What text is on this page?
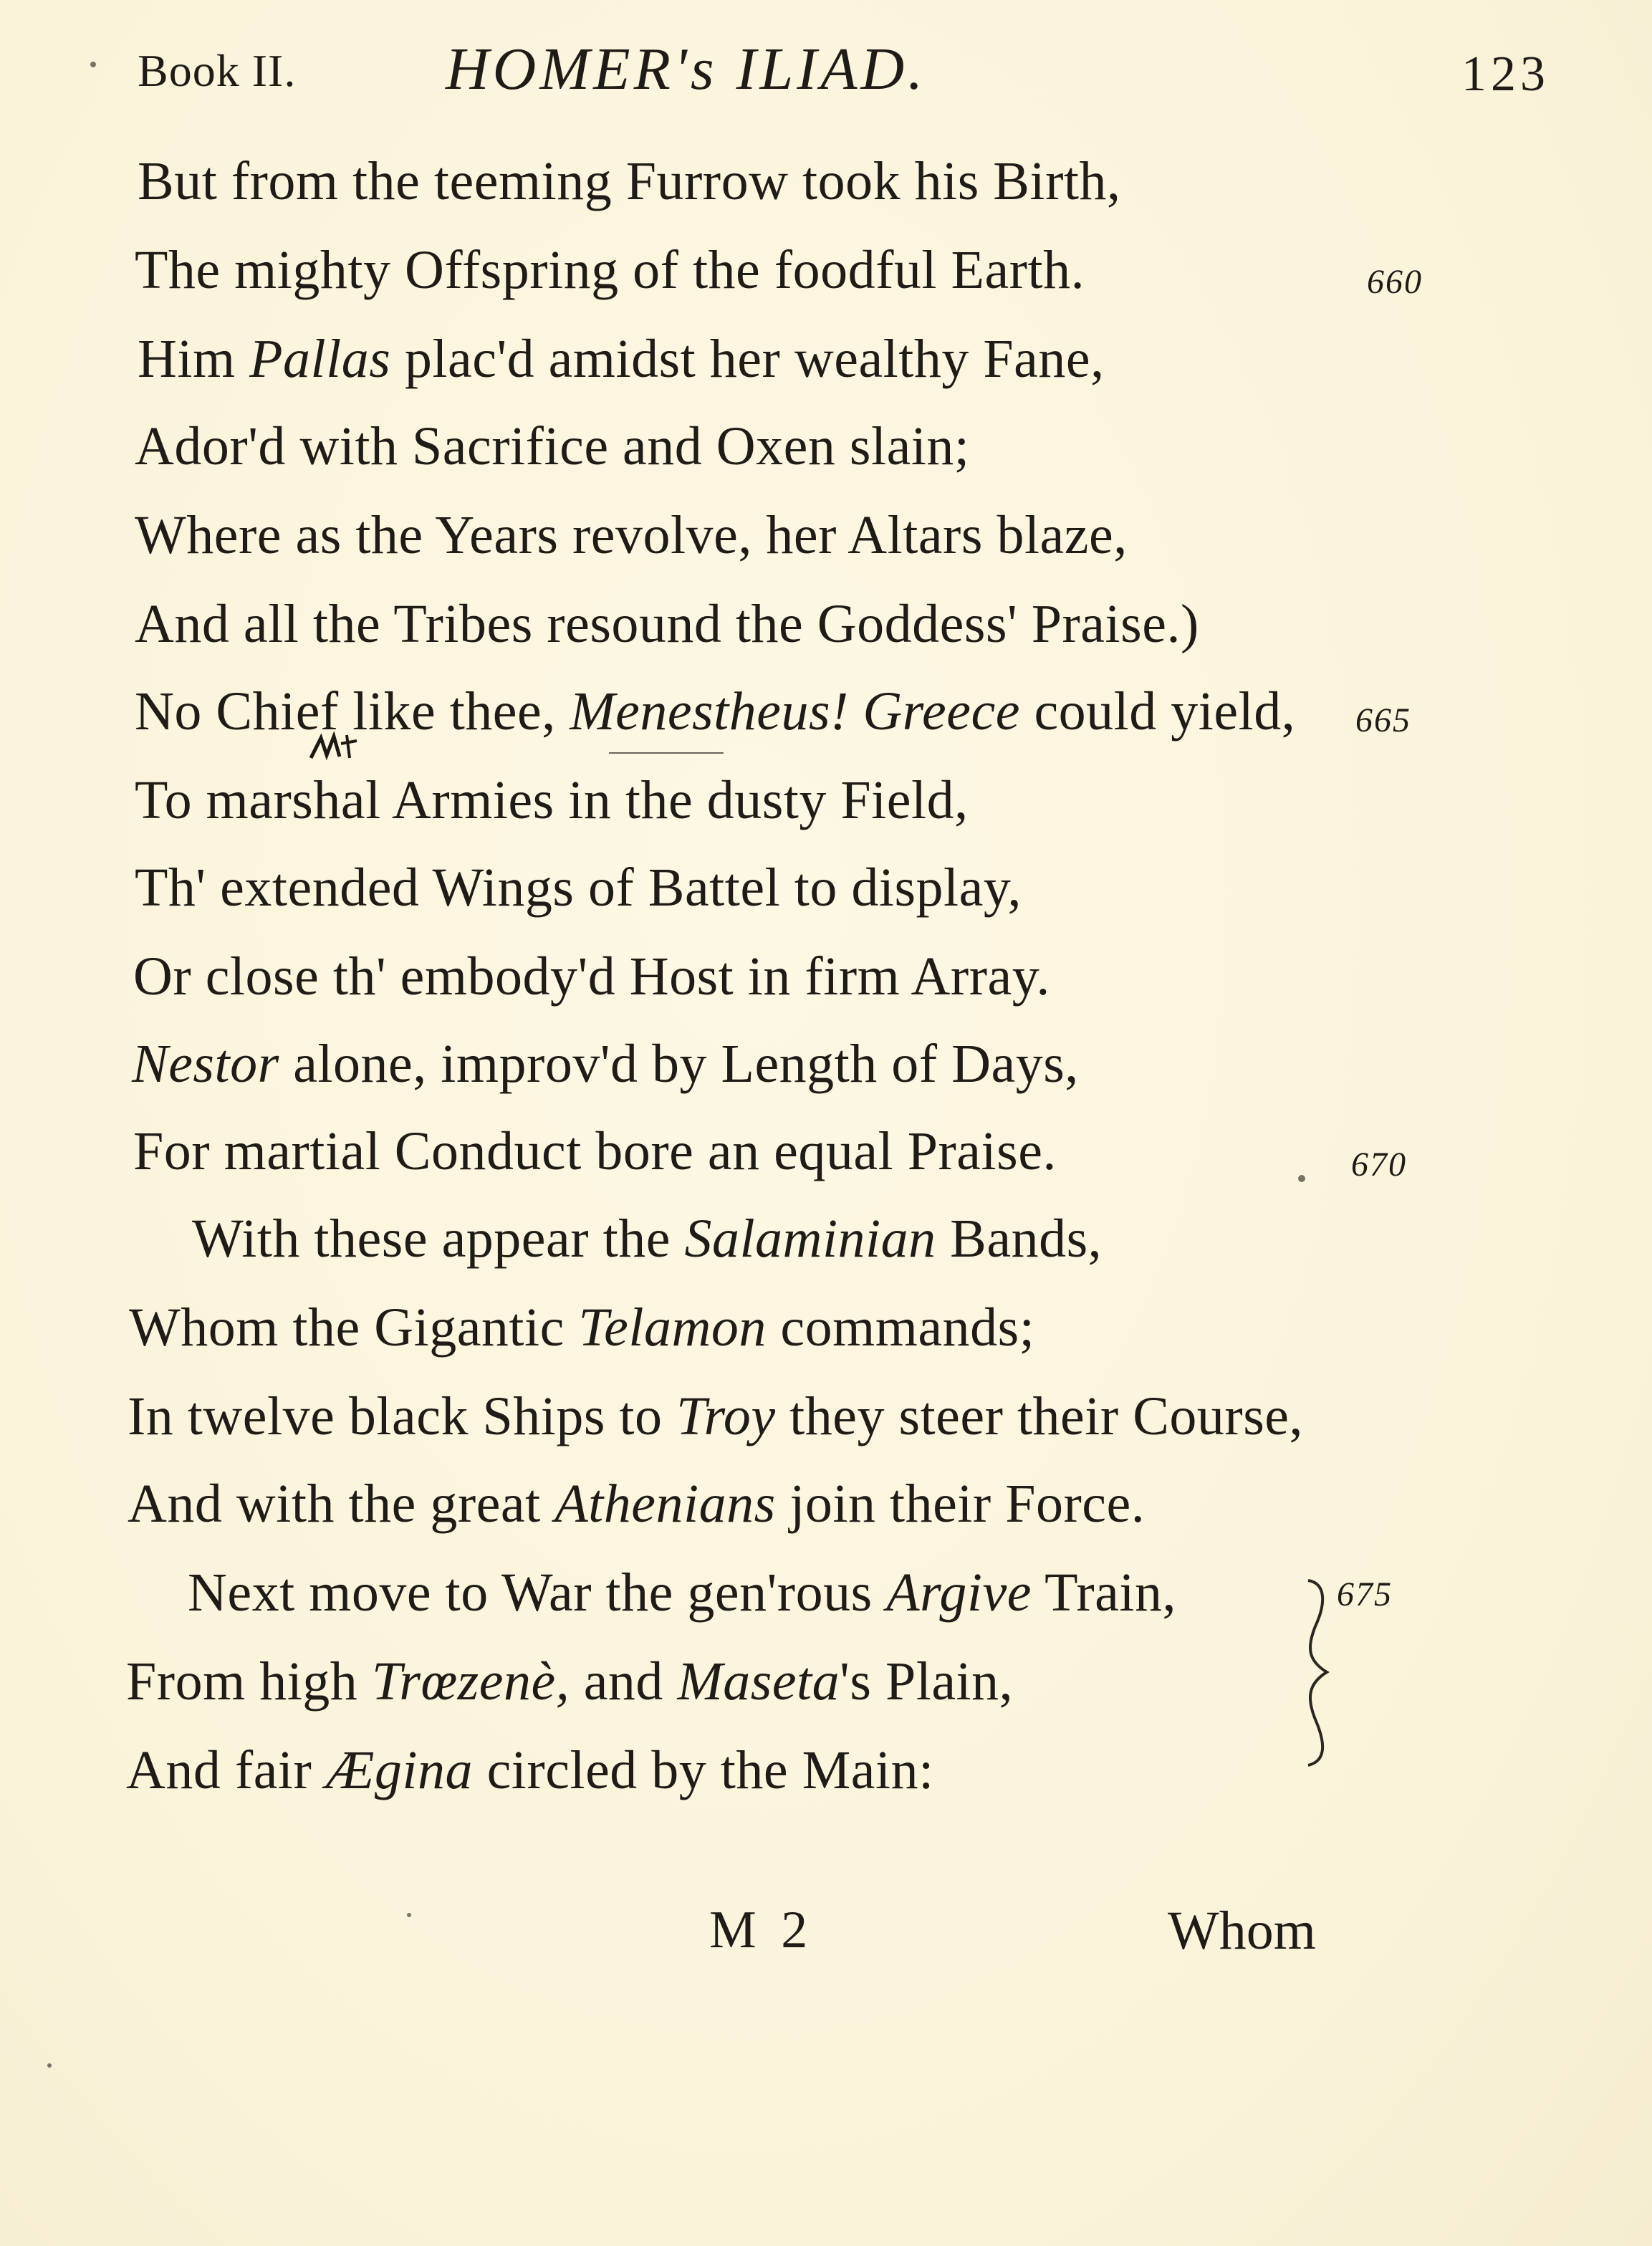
Book II. HOMER's ILIAD.	123
But from the teeming Furrow took his Birth,
The mighty Offspring of the foodful Earth.	660
Him Pallas plac'd amidst her wealthy Fane,
Ador'd with Sacrifice and Oxen slain;
Where as the Years revolve, her Altars blaze,
And all the Tribes resound the Goddess' Praise.)
No Chief like thee, Menestheus! Greece could yield, 665
To marshal Armies in the dusty Field,
Th' extended Wings of Battel to display,
Or close th' embody'd Host in firm Array.
Nestor alone, improv'd by Length of Days,
For martial Conduct bore an equal Praise.	670
With these appear the Salaminian Bands,
Whom the Gigantic Telamon commands;
In twelve black Ships to Troy they steer their Course,
And with the great Athenians join their Force.
Next move to War the gen'rous Argive Train,	675
From high Trœzenè, and Maseta's Plain,
And fair Ægina circled by the Main:
M 2	Whom
